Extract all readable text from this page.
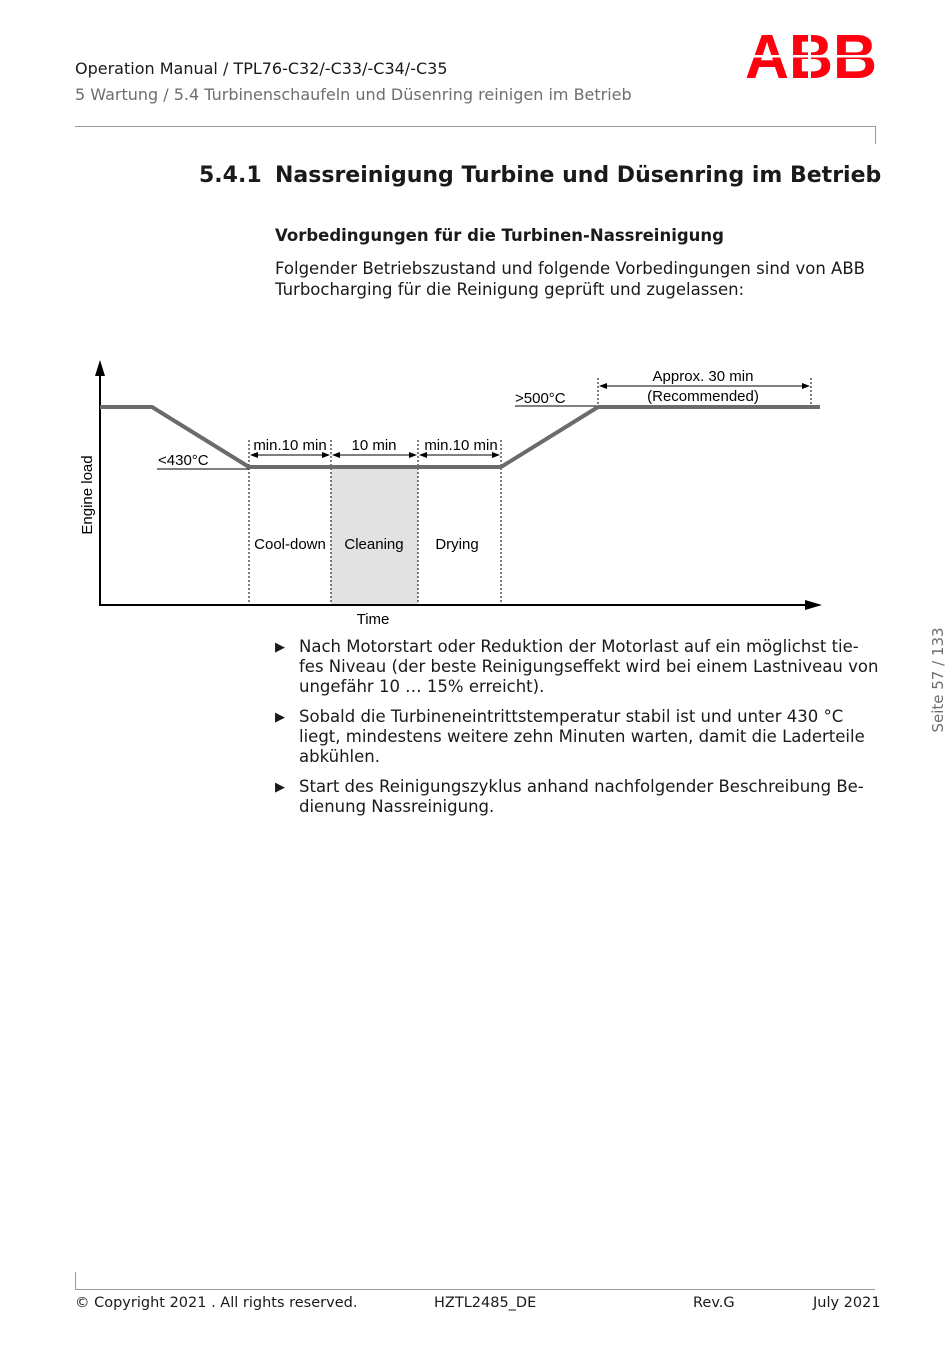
Operation Manual / TPL76-C32/-C33/-C34/-C35
5 Wartung / 5.4 Turbinenschaufeln und Düsenring reinigen im Betrieb
5.4.1 Nassreinigung Turbine und Düsenring im Betrieb
Vorbedingungen für die Turbinen-Nassreinigung

Folgender Betriebszustand und folgende Vorbedingungen sind von ABB Turbocharging für die Reinigung geprüft und zugelassen:

Engine load
Time
<430°C
>500°C
min.10 min 10 min min.10 min
Approx. 30 min
(Recommended)
Cool-down Cleaning Drying
▶ Nach Motorstart oder Reduktion der Motorlast auf ein möglichst tie-fes Niveau (der beste Reinigungseffekt wird bei einem Lastniveau von ungefähr 10 … 15% erreicht).
▶ Sobald die Turbineneintrittstemperatur stabil ist und unter 430 °C liegt, mindestens weitere zehn Minuten warten, damit die Laderteile abkühlen.
▶ Start des Reinigungszyklus anhand nachfolgender Beschreibung Be-dienung Nassreinigung.
Seite 57 / 133
© Copyright 2021 . All rights reserved.	HZTL2485_DE	Rev.G	July 2021
